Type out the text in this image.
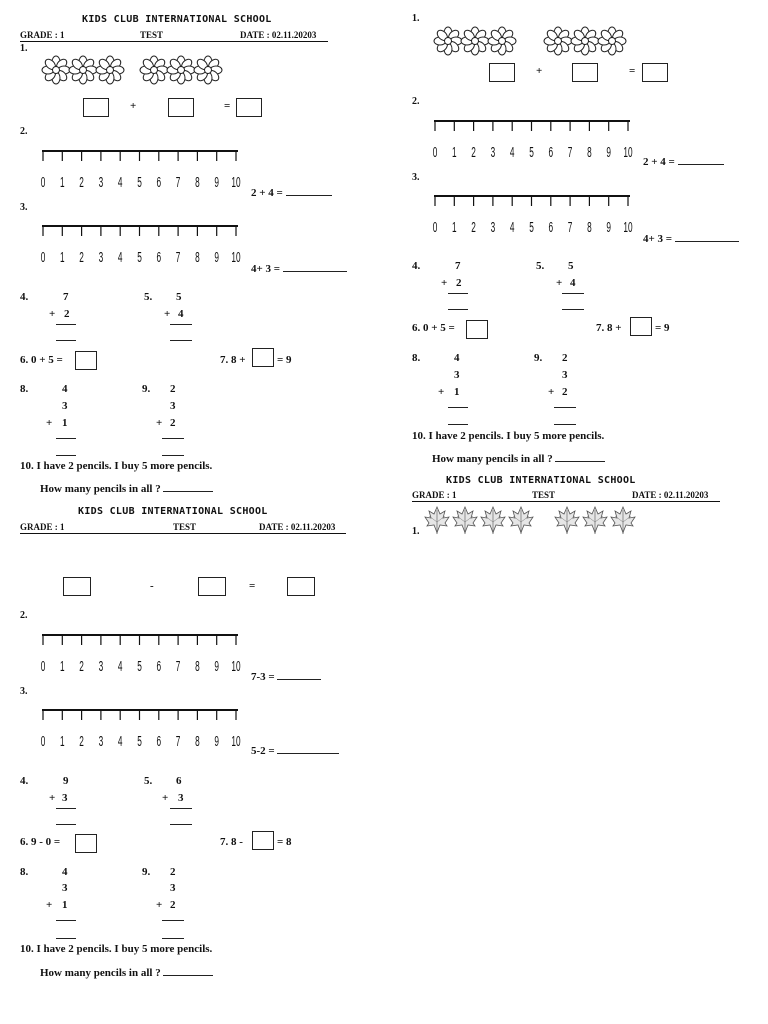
KIDS CLUB INTERNATIONAL SCHOOL
GRADE : 1	TEST	DATE : 02.11.20203
1.
+	=
2.
0 1 2 3 4 5 6 7 8 9 10
2 + 4 =
3.
0 1 2 3 4 5 6 7 8 9 10
4+ 3 =
4.	7
+ 2
5. 5
+ 4
6. 0 + 5 =	7. 8 +	= 9
8.	4
3
+ 1
9. 2
3
+ 2
10. I have 2 pencils. I buy 5 more pencils.
How many pencils in all ?
KIDS CLUB INTERNATIONAL SCHOOL
GRADE : 1	TEST	DATE : 02.11.20203
-	=
2.
0 1 2 3 4 5 6 7 8 9 10
7-3 =
3.
0 1 2 3 4 5 6 7 8 9 10
5-2 =
4.	9
+ 3
5. 6
+ 3
6. 9 - 0 =	7. 8 -	= 8
8.	4
3
+ 1
9. 2
3
+ 2
10. I have 2 pencils. I buy 5 more pencils.
How many pencils in all ?
1.
+	=
2.
0 1 2 3 4 5 6 7 8 9 10
2 + 4 =
3.
0 1 2 3 4 5 6 7 8 9 10
4+ 3 =
4.	7
+ 2
5. 5
+ 4
6. 0 + 5 =	7. 8 +	= 9
8.	4
3
+ 1
9. 2
3
+ 2
10. I have 2 pencils. I buy 5 more pencils.
How many pencils in all ?
KIDS CLUB INTERNATIONAL SCHOOL
GRADE : 1	TEST	DATE : 02.11.20203
1.
